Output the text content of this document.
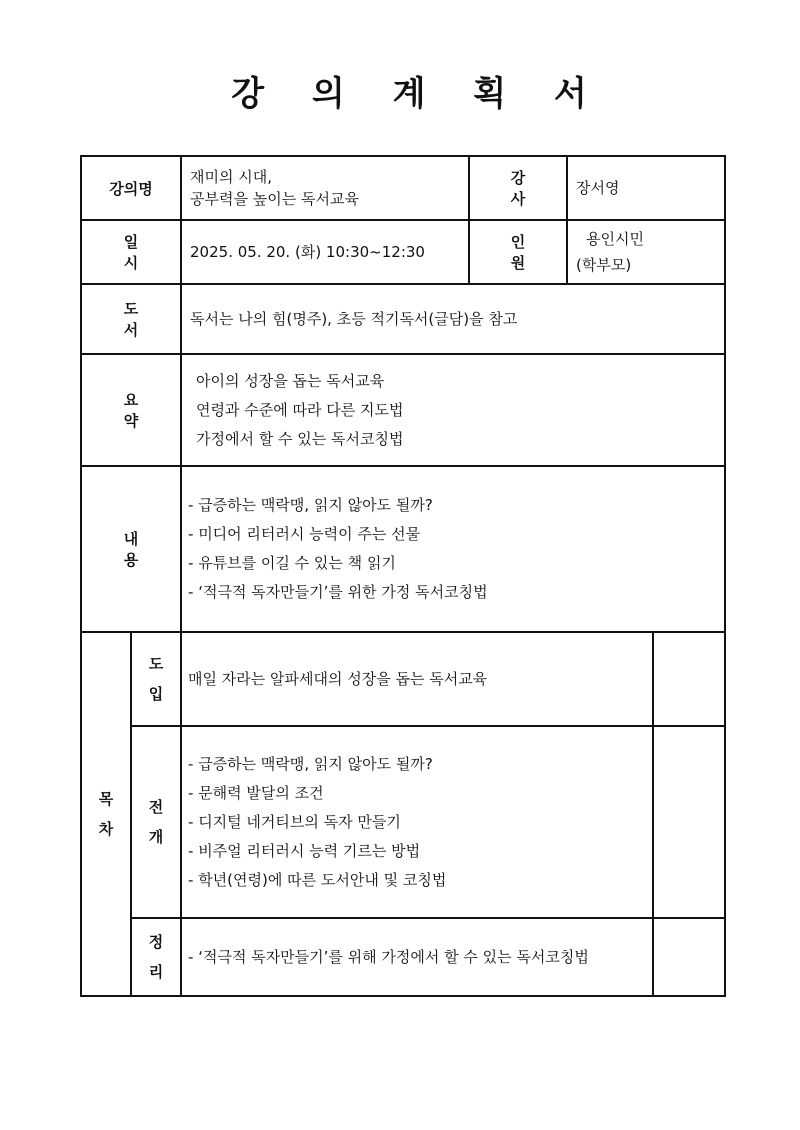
강 의 계 획 서
강의명		재미의 시대,
공부력을 높이는 독서교육	강 사	장서영	
일 시		2025. 05. 20. (화) 10:30~12:30	인 원	용인시민
(학부모)	

도 서		독서는 나의 힘(명주), 초등 적기독서(글담)을 참고			
요 약		아이의 성장을 돕는 독서교육
연령과 수준에 따라 다른 지도법
가정에서 할 수 있는 독서코칭법			

내 용		- 급증하는 맥락맹, 읽지 않아도 될까?
- 미디어 리터러시 능력이 주는 선물
- 유튜브를 이길 수 있는 책 읽기
- ‘적극적 독자만들기’를 위한 가정 독서코칭법			

목
차	도
입	매일 자라는 알파세대의 성장을 돕는 독서교육			

	전
개	- 급증하는 맥락맹, 읽지 않아도 될까?
- 문해력 발달의 조건
- 디지털 네거티브의 독자 만들기
- 비주얼 리터러시 능력 기르는 방법
- 학년(연령)에 따른 도서안내 및 코칭법			

	정
리	- ‘적극적 독자만들기’를 위해 가정에서 할 수 있는 독서코칭법			
